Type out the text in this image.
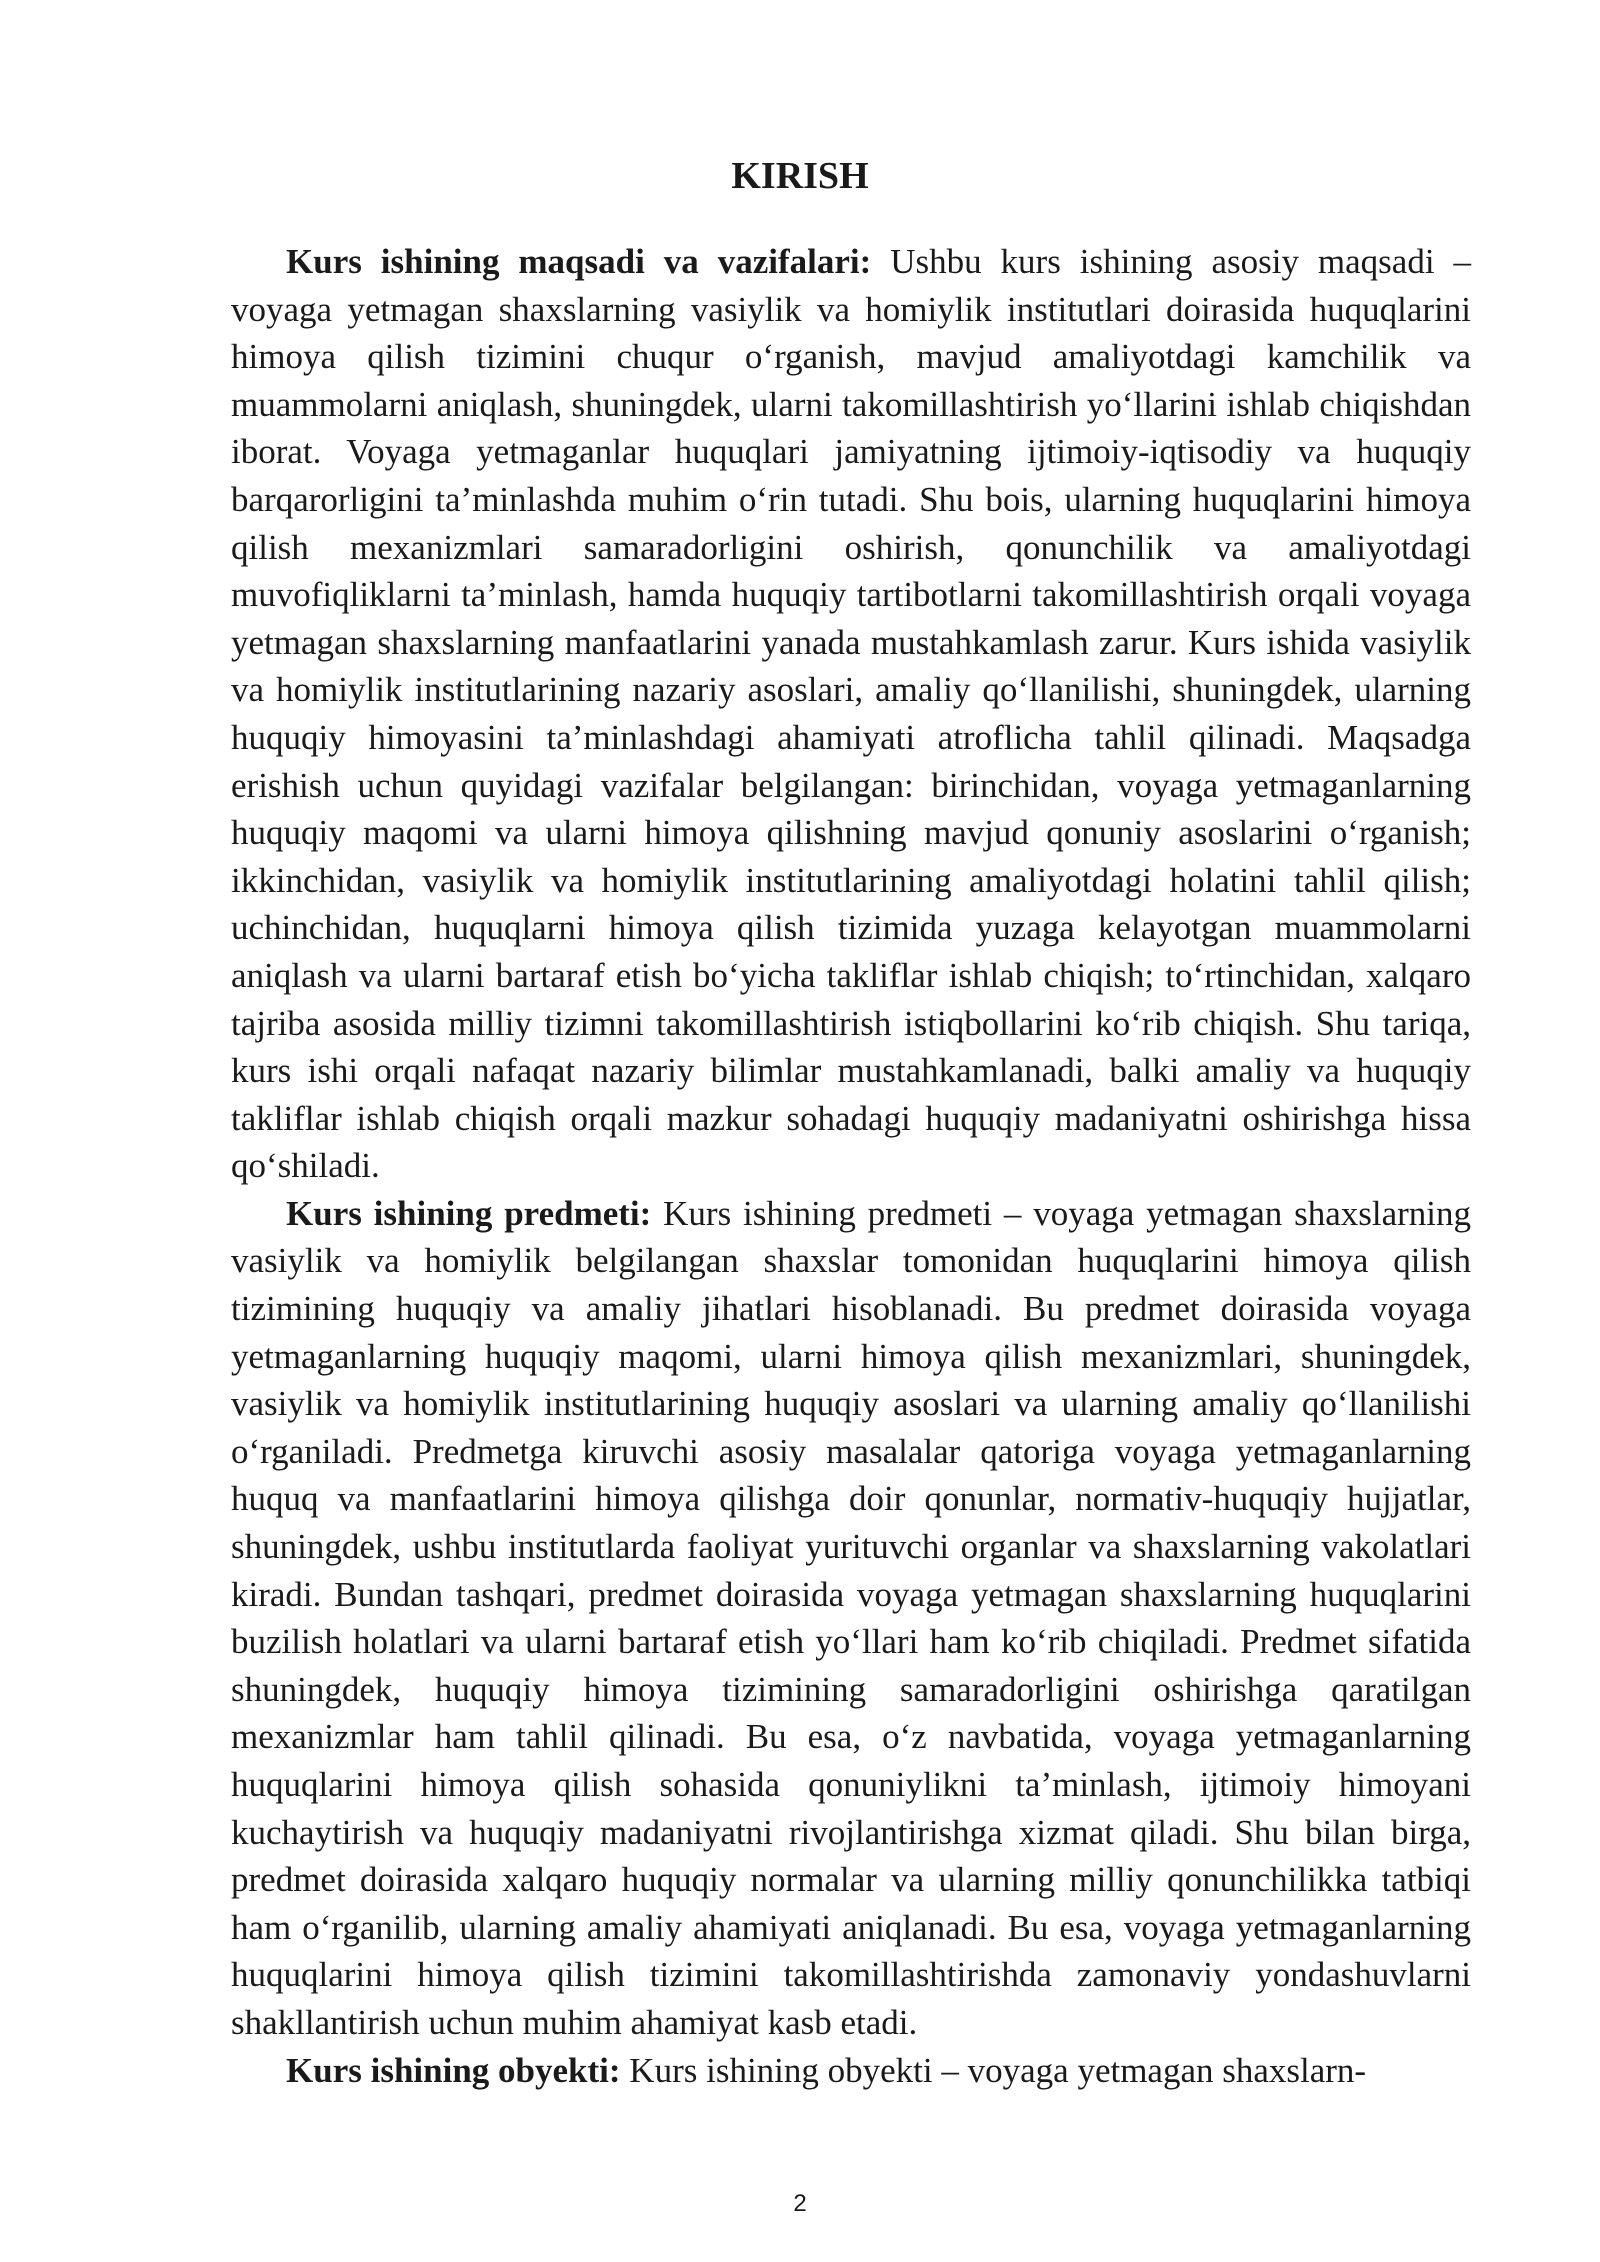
KIRISH

Kurs ishining maqsadi va vazifalari: Ushbu kurs ishining asosiy maqsadi – voyaga yetmagan shaxslarning vasiylik va homiylik institutlari doirasida huquqlarini himoya qilish tizimini chuqur o‘rganish, mavjud amaliyotdagi kamchilik va muammolarni aniqlash, shuningdek, ularni takomillashtirish yo‘llarini ishlab chiqishdan iborat. Voyaga yetmaganlar huquqlari jamiyatning ijtimoiy-iqtisodiy va huquqiy barqarorligini ta’minlashda muhim o‘rin tutadi. Shu bois, ularning huquqlarini himoya qilish mexanizmlari samaradorligini oshirish, qonunchilik va amaliyotdagi muvofiqliklarni ta’minlash, hamda huquqiy tartibotlarni takomillashtirish orqali voyaga yetmagan shaxslarning manfaatlarini yanada mustahkamlash zarur. Kurs ishida vasiylik va homiylik institutlarining nazariy asoslari, amaliy qo‘llanilishi, shuningdek, ularning huquqiy himoyasini ta’minlashdagi ahamiyati atroflicha tahlil qilinadi. Maqsadga erishish uchun quyidagi vazifalar belgilangan: birinchidan, voyaga yetmaganlarning huquqiy maqomi va ularni himoya qilishning mavjud qonuniy asoslarini o‘rganish; ikkinchidan, vasiylik va homiylik institutlarining amaliyotdagi holatini tahlil qilish; uchinchidan, huquqlarni himoya qilish tizimida yuzaga kelayotgan muammolarni aniqlash va ularni bartaraf etish bo‘yicha takliflar ishlab chiqish; to‘rtinchidan, xalqaro tajriba asosida milliy tizimni takomillashtirish istiqbollarini ko‘rib chiqish. Shu tariqa, kurs ishi orqali nafaqat nazariy bilimlar mustahkamlanadi, balki amaliy va huquqiy takliflar ishlab chiqish orqali mazkur sohadagi huquqiy madaniyatni oshirishga hissa qo‘shiladi.

Kurs ishining predmeti: Kurs ishining predmeti – voyaga yetmagan shaxslarning vasiylik va homiylik belgilangan shaxslar tomonidan huquqlarini himoya qilish tizimining huquqiy va amaliy jihatlari hisoblanadi. Bu predmet doirasida voyaga yetmaganlarning huquqiy maqomi, ularni himoya qilish mexanizmlari, shuningdek, vasiylik va homiylik institutlarining huquqiy asoslari va ularning amaliy qo‘llanilishi o‘rganiladi. Predmetga kiruvchi asosiy masalalar qatoriga voyaga yetmaganlarning huquq va manfaatlarini himoya qilishga doir qonunlar, normativ-huquqiy hujjatlar, shuningdek, ushbu institutlarda faoliyat yurituvchi organlar va shaxslarning vakolatlari kiradi. Bundan tashqari, predmet doirasida voyaga yetmagan shaxslarning huquqlarini buzilish holatlari va ularni bartaraf etish yo‘llari ham ko‘rib chiqiladi. Predmet sifatida shuningdek, huquqiy himoya tizimining samaradorligini oshirishga qaratilgan mexanizmlar ham tahlil qilinadi. Bu esa, o‘z navbatida, voyaga yetmaganlarning huquqlarini himoya qilish sohasida qonuniylikni ta’minlash, ijtimoiy himoyani kuchaytirish va huquqiy madaniyatni rivojlantirishga xizmat qiladi. Shu bilan birga, predmet doirasida xalqaro huquqiy normalar va ularning milliy qonunchilikka tatbiqi ham o‘rganilib, ularning amaliy ahamiyati aniqlanadi. Bu esa, voyaga yetmaganlarning huquqlarini himoya qilish tizimini takomillashtirishda zamonaviy yondashuvlarni shakllantirish uchun muhim ahamiyat kasb etadi.

Kurs ishining obyekti: Kurs ishining obyekti – voyaga yetmagan shaxslarn-

2
